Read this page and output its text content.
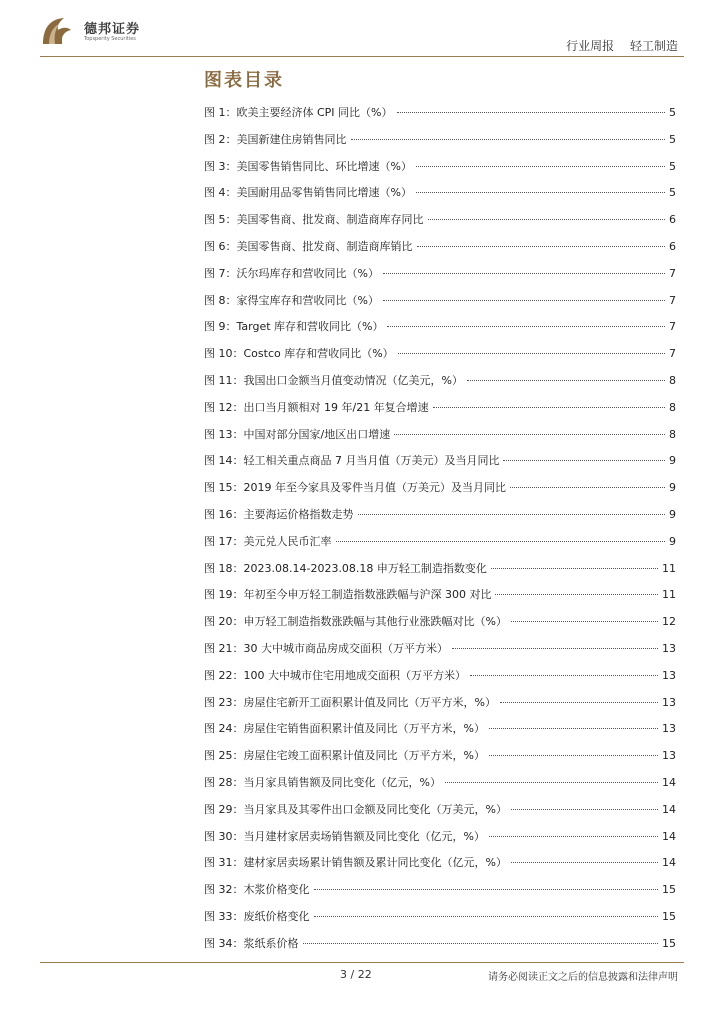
德邦证券
Topsperity Securities	行业周报 轻工制造
图表目录
图 1：欧美主要经济体 CPI 同比（%）	5
图 2：美国新建住房销售同比	5
图 3：美国零售销售同比、环比增速（%）	5
图 4：美国耐用品零售销售同比增速（%）	5
图 5：美国零售商、批发商、制造商库存同比	6
图 6：美国零售商、批发商、制造商库销比	6
图 7：沃尔玛库存和营收同比（%）	7
图 8：家得宝库存和营收同比（%）	7
图 9：Target 库存和营收同比（%）	7
图 10：Costco 库存和营收同比（%）	7
图 11：我国出口金额当月值变动情况（亿美元，%）	8
图 12：出口当月额相对 19 年/21 年复合增速	8
图 13：中国对部分国家/地区出口增速	8
图 14：轻工相关重点商品 7 月当月值（万美元）及当月同比	9
图 15：2019 年至今家具及零件当月值（万美元）及当月同比	9
图 16：主要海运价格指数走势	9
图 17：美元兑人民币汇率	9
图 18：2023.08.14-2023.08.18 申万轻工制造指数变化	11
图 19：年初至今申万轻工制造指数涨跌幅与沪深 300 对比	11
图 20：申万轻工制造指数涨跌幅与其他行业涨跌幅对比（%）	12
图 21：30 大中城市商品房成交面积（万平方米）	13
图 22：100 大中城市住宅用地成交面积（万平方米）	13
图 23：房屋住宅新开工面积累计值及同比（万平方米，%）	13
图 24：房屋住宅销售面积累计值及同比（万平方米，%）	13
图 25：房屋住宅竣工面积累计值及同比（万平方米，%）	13
图 28：当月家具销售额及同比变化（亿元，%）	14
图 29：当月家具及其零件出口金额及同比变化（万美元，%）	14
图 30：当月建材家居卖场销售额及同比变化（亿元，%）	14
图 31：建材家居卖场累计销售额及累计同比变化（亿元，%）	14
图 32：木浆价格变化	15
图 33：废纸价格变化	15
图 34：浆纸系价格	15
3 / 22	请务必阅读正文之后的信息披露和法律声明
